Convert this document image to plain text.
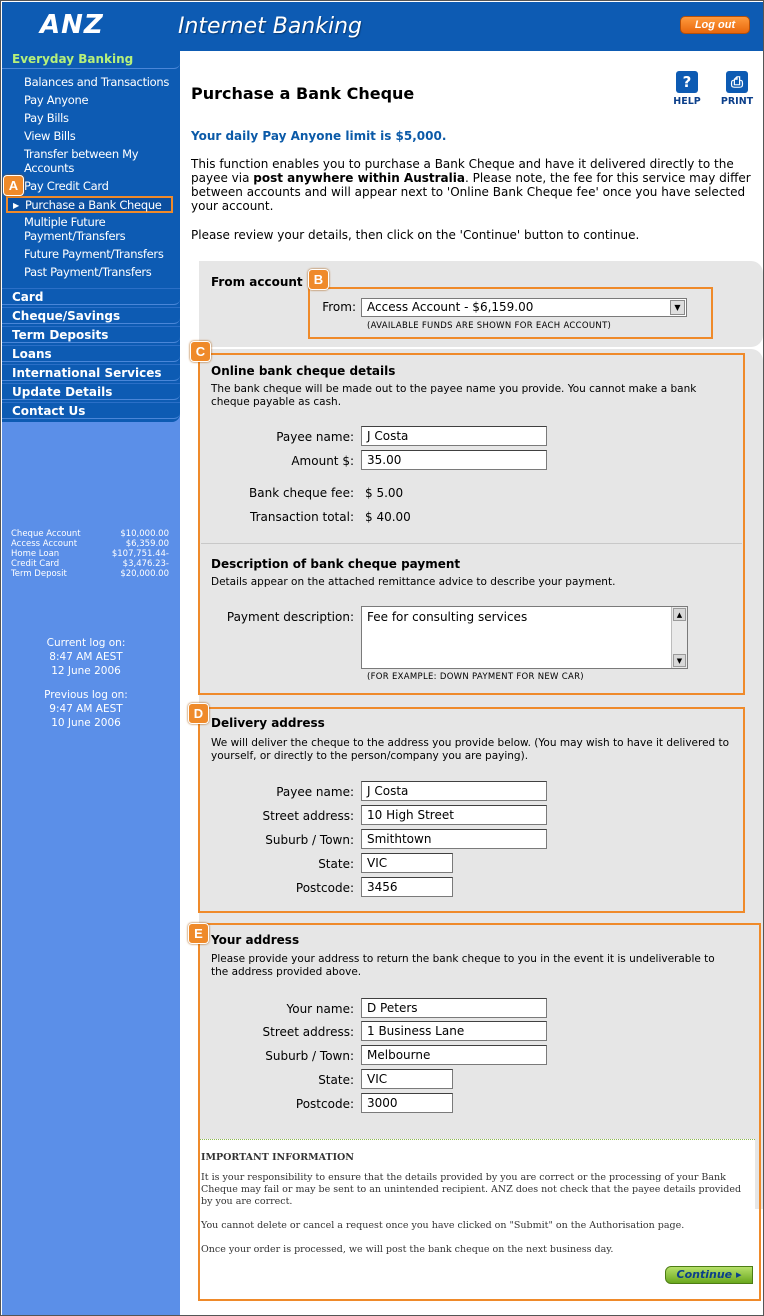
ANZ	Internet Banking	Log out
Everyday Banking
Balances and Transactions
Pay Anyone
Pay Bills
View Bills
Transfer between My
Accounts
Pay Credit Card
▶ Purchase a Bank Cheque
Multiple Future
Payment/Transfers
Future Payment/Transfers
Past Payment/Transfers
Card
Cheque/Savings
Term Deposits
Loans
International Services
Update Details
Contact Us
Cheque Account	$10,000.00
Access Account	$6,359.00
Home Loan	$107,751.44-
Credit Card	$3,476.23-
Term Deposit	$20,000.00
Current log on:
8:47 AM AEST
12 June 2006
Previous log on:
9:47 AM AEST
10 June 2006
A
Purchase a Bank Cheque
?
HELP
⎙
PRINT
Your daily Pay Anyone limit is $5,000.
This function enables you to purchase a Bank Cheque and have it delivered directly to the payee via post anywhere within Australia. Please note, the fee for this service may differ between accounts and will appear next to 'Online Bank Cheque fee' once you have selected your account.
Please review your details, then click on the 'Continue' button to continue.
From account B
From: Access Account - $6,159.00	▼
(AVAILABLE FUNDS ARE SHOWN FOR EACH ACCOUNT)
C
Online bank cheque details
The bank cheque will be made out to the payee name you provide. You cannot make a bank cheque payable as cash.
Payee name:	J Costa
Amount $:	35.00
Bank cheque fee: $ 5.00
Transaction total: $ 40.00
Description of bank cheque payment
Details appear on the attached remittance advice to describe your payment.
Payment description:	Fee for consulting services	▲
▼
(FOR EXAMPLE: DOWN PAYMENT FOR NEW CAR)
D
Delivery address
We will deliver the cheque to the address you provide below. (You may wish to have it delivered to yourself, or directly to the person/company you are paying).
Payee name:	J Costa
Street address:	10 High Street
Suburb / Town:	Smithtown
State:	VIC
Postcode:	3456
E Your address
Please provide your address to return the bank cheque to you in the event it is undeliverable to the address provided above.
Your name:	D Peters
Street address:	1 Business Lane
Suburb / Town:	Melbourne
State:	VIC
Postcode:	3000
IMPORTANT INFORMATION
It is your responsibility to ensure that the details provided by you are correct or the processing of your Bank Cheque may fail or may be sent to an unintended recipient. ANZ does not check that the payee details provided by you are correct.
You cannot delete or cancel a request once you have clicked on "Submit" on the Authorisation page.
Once your order is processed, we will post the bank cheque on the next business day.
Continue ▸
